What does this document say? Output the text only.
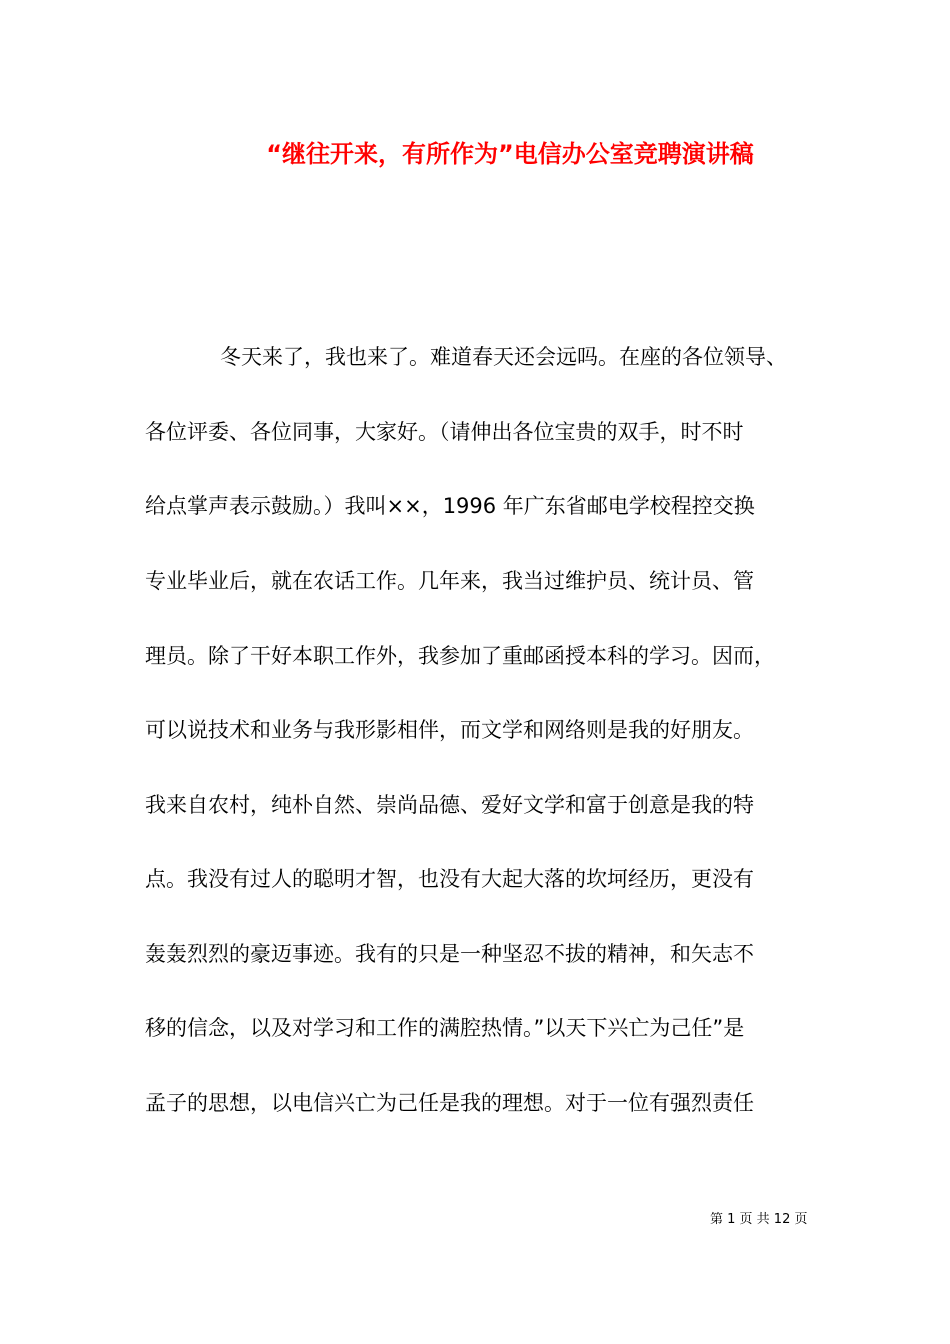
“继往开来，有所作为”电信办公室竞聘演讲稿
冬天来了，我也来了。难道春天还会远吗。在座的各位领导、
各位评委、各位同事，大家好。（请伸出各位宝贵的双手，时不时
给点掌声表示鼓励。）我叫××，1996 年广东省邮电学校程控交换
专业毕业后，就在农话工作。几年来，我当过维护员、统计员、管
理员。除了干好本职工作外，我参加了重邮函授本科的学习。因而，
可以说技术和业务与我形影相伴，而文学和网络则是我的好朋友。
我来自农村，纯朴自然、崇尚品德、爱好文学和富于创意是我的特
点。我没有过人的聪明才智，也没有大起大落的坎坷经历，更没有
轰轰烈烈的豪迈事迹。我有的只是一种坚忍不拔的精神，和矢志不
移的信念，以及对学习和工作的满腔热情。”以天下兴亡为己任”是
孟子的思想，以电信兴亡为己任是我的理想。对于一位有强烈责任
第 1 页 共 12 页
